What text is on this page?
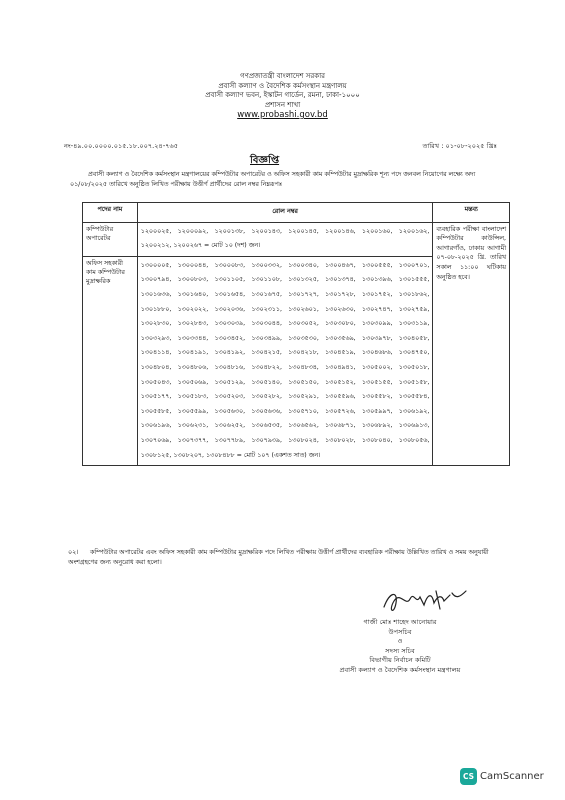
গণপ্রজাতন্ত্রী বাংলাদেশ সরকার
প্রবাসী কল্যাণ ও বৈদেশিক কর্মসংস্থান মন্ত্রণালয়
প্রবাসী কল্যাণ ভবন, ইস্কাটন গার্ডেন, রমনা, ঢাকা-১০০০
প্রশাসন শাখা
www.probashi.gov.bd
নং-৪৯.০০.০০০০.০১৫.১৮.০০৭.২৪-৭৬৫	তারিখ : ০১-০৮-২০২৫ খ্রিঃ
বিজ্ঞপ্তি
প্রবাসী কল্যাণ ও বৈদেশিক কর্মসংস্থান মন্ত্রণালয়ের কম্পিউটার অপারেটর ও অফিস সহকারী কাম কম্পিউটার মুদ্রাক্ষরিক শূন্য পদে জনবল নিয়োগের লক্ষ্যে অদ্য ০১/০৮/২০২৫ তারিখে অনুষ্ঠিত লিখিত পরীক্ষায় উত্তীর্ণ প্রার্থীদের রোল নম্বর নিম্নরূপঃ
পদের নাম	রোল নম্বর	মন্তব্য
কম্পিউটার অপারেটর	১২০০০২৫, ১২০০০৯২, ১২০০১৩৮, ১২০০১৪৩, ১২০০১৪৫, ১২০০১৪৬, ১২০০১৬০, ১২০০১৬২, ১২০০২১২, ১২০০২৬৭ = মোট ১০ (দশ) জন।	ব্যবহারিক পরীক্ষা বাংলাদেশ কম্পিউটার কাউন্সিল, আগারগাঁও, ঢাকায় আগামী ০৭-০৮-২০২৫ খ্রি. তারিখ সকাল ১১:০০ ঘটিকায় অনুষ্ঠিত হবে।
অফিস সহকারী কাম কম্পিউটার মুদ্রাক্ষরিক	১৩০০০০৫, ১৩০০০৪৪, ১৩০০০৮৩, ১৩০০৩৩২, ১৩০০৩৪০, ১৩০০৪৬৭, ১৩০০৫৫৫, ১৩০০৭০১, ১৩০০৭৯৪, ১৩০০৮০৩, ১৩০১১০৫, ১৩০১১০৮, ১৩০১৩২৫, ১৩০১৩৭৪, ১৩০১৩৯৬, ১৩০১৫৫৫, ১৩০১৬৩৬, ১৩০১৬৪০, ১৩০১৬৫৪, ১৩০১৬৭৫, ১৩০১৭২৭, ১৩০১৭২৮, ১৩০১৭৫২, ১৩০১৮৬২, ১৩০১৮৮০, ১৩০২০২২, ১৩০২০৩৬, ১৩০২৩১১, ১৩০২৬০১, ১৩০২৬৩০, ১৩০২৭৪৭, ১৩০২৭৫৯, ১৩০২৮৩০, ১৩০২৮৪৩, ১৩০৩০৩৯, ১৩০৩০৪৪, ১৩০৩০৫২, ১৩০৩০৮০, ১৩০৩০৯৯, ১৩০৩১১৯, ১৩০৩২৯৩, ১৩০৩৩৪৪, ১৩০৩৪৫২, ১৩০৩৪৯৯, ১৩০৩৫৩০, ১৩০৩৫৬৯, ১৩০৩৯৭৮, ১৩০৪০৫৮, ১৩০৪১১৪, ১৩০৪১৯১, ১৩০৪১৯২, ১৩০৪২১৫, ১৩০৪২১৮, ১৩০৪৫১৯, ১৩০৪৬৮৬, ১৩০৪৭৫০, ১৩০৪৮০৪, ১৩০৪৮০৬, ১৩০৪৮১৬, ১৩০৪৮২২, ১৩০৪৮৩৪, ১৩০৪৯৪১, ১৩০৫০০২, ১৩০৫০১৮, ১৩০৫০৪৩, ১৩০৫০৬৯, ১৩০৫১২৯, ১৩০৫১৪০, ১৩০৫১৫০, ১৩০৫১৫২, ১৩০৫১৫৫, ১৩০৫১৫৮, ১৩০৫১৭৭, ১৩০৫১৮৩, ১৩০৫২০৩, ১৩০৫২৮২, ১৩০৫২৯১, ১৩০৫৫৯৬, ১৩০৫৫৮২, ১৩০৫৫৮৪, ১৩০৫৫৮৫, ১৩০৫৫৯৯, ১৩০৫৬৩০, ১৩০৫৬৩৬, ১৩০৫৭১০, ১৩০৫৭২৬, ১৩০৫৯৯৭, ১৩০৬১৯২, ১৩০৬১৯৬, ১৩০৬২৩১, ১৩০৬২৫২, ১৩০৬৫৩৫, ১৩০৬৫৬২, ১৩০৬৮৭১, ১৩০৬৮৯২, ১৩০৬৯১৩, ১৩০৭০৬৯, ১৩০৭৩৭৭, ১৩০৭৭৮৯, ১৩০৭৯৩৯, ১৩০৮০২৪, ১৩০৮০২৮, ১৩০৮০৪০, ১৩০৮০৫৬, ১৩০৮১২৫, ১৩০৮২০৭, ১৩০৮৪৮৮ = মোট ১০৭ (একশত সাত) জন।	
০২। কম্পিউটার অপারেটর এবং অফিস সহকারী কাম কম্পিউটার মুদ্রাক্ষরিক পদে লিখিত পরীক্ষায় উত্তীর্ণ প্রার্থীদের ব্যবহারিক পরীক্ষায় উল্লিখিত তারিখ ও সময় অনুযায়ী অংশগ্রহণের জন্য অনুরোধ করা হলো।
গাজী মোঃ শাহেদ আনোয়ার
উপসচিব
ও
সদস্য সচিব
বিভাগীয় নির্বাচন কমিটি
প্রবাসী কল্যাণ ও বৈদেশিক কর্মসংস্থান মন্ত্রণালয়
CS CamScanner
